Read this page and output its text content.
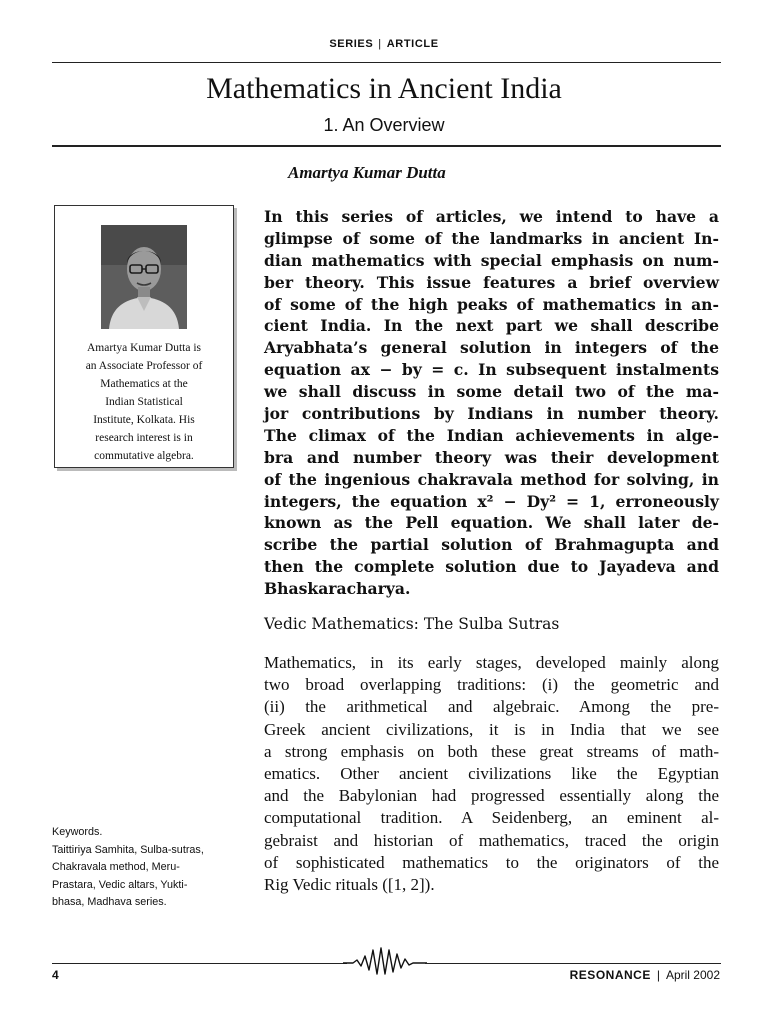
SERIES | ARTICLE
Mathematics in Ancient India
1. An Overview
Amartya Kumar Dutta
Amartya Kumar Dutta is
an Associate Professor of
Mathematics at the
Indian Statistical
Institute, Kolkata. His
research interest is in
commutative algebra.
In this series of articles, we intend to have a
glimpse of some of the landmarks in ancient In-
dian mathematics with special emphasis on num-
ber theory. This issue features a brief overview
of some of the high peaks of mathematics in an-
cient India. In the next part we shall describe
Aryabhata’s general solution in integers of the
equation ax − by = c. In subsequent instalments
we shall discuss in some detail two of the ma-
jor contributions by Indians in number theory.
The climax of the Indian achievements in alge-
bra and number theory was their development
of the ingenious chakravala method for solving, in
integers, the equation x² − Dy² = 1, erroneously
known as the Pell equation. We shall later de-
scribe the partial solution of Brahmagupta and
then the complete solution due to Jayadeva and
Bhaskaracharya.
Vedic Mathematics: The Sulba Sutras
Mathematics, in its early stages, developed mainly along
two broad overlapping traditions: (i) the geometric and
(ii) the arithmetical and algebraic. Among the pre-
Greek ancient civilizations, it is in India that we see
a strong emphasis on both these great streams of math-
ematics. Other ancient civilizations like the Egyptian
and the Babylonian had progressed essentially along the
computational tradition. A Seidenberg, an eminent al-
gebraist and historian of mathematics, traced the origin
of sophisticated mathematics to the originators of the
Rig Vedic rituals ([1, 2]).
Keywords.
Taittiriya Samhita, Sulba-sutras,
Chakravala method, Meru-
Prastara, Vedic altars, Yukti-
bhasa, Madhava series.
4	RESONANCE | April 2002
